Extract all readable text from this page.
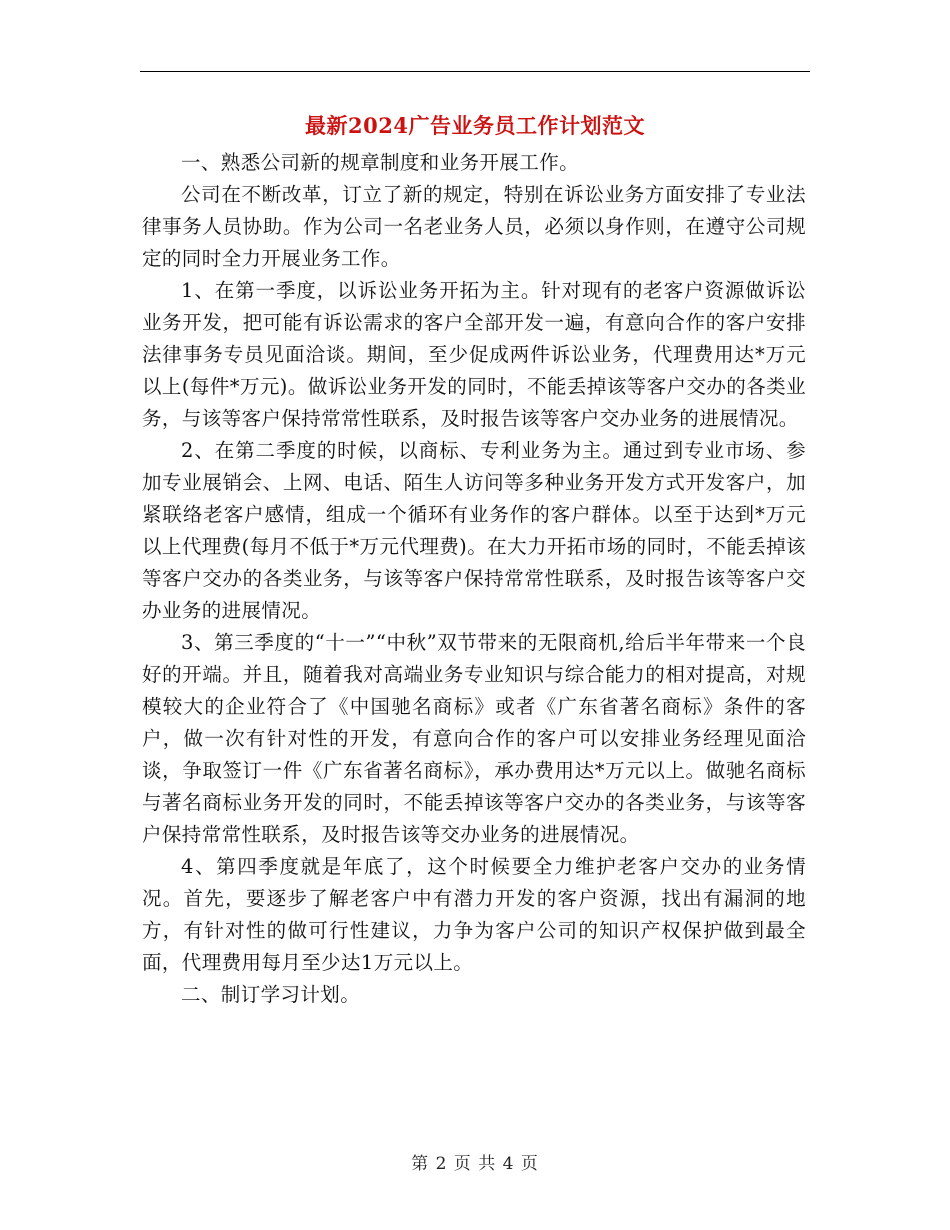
最新2024广告业务员工作计划范文

一、熟悉公司新的规章制度和业务开展工作。

公司在不断改革，订立了新的规定，特别在诉讼业务方面安排了专业法律事务人员协助。作为公司一名老业务人员，必须以身作则，在遵守公司规定的同时全力开展业务工作。

1、在第一季度，以诉讼业务开拓为主。针对现有的老客户资源做诉讼业务开发，把可能有诉讼需求的客户全部开发一遍，有意向合作的客户安排法律事务专员见面洽谈。期间，至少促成两件诉讼业务，代理费用达*万元以上(每件*万元)。做诉讼业务开发的同时，不能丢掉该等客户交办的各类业务，与该等客户保持常常性联系，及时报告该等客户交办业务的进展情况。

2、在第二季度的时候，以商标、专利业务为主。通过到专业市场、参加专业展销会、上网、电话、陌生人访问等多种业务开发方式开发客户，加紧联络老客户感情，组成一个循环有业务作的客户群体。以至于达到*万元以上代理费(每月不低于*万元代理费)。在大力开拓市场的同时，不能丢掉该等客户交办的各类业务，与该等客户保持常常性联系，及时报告该等客户交办业务的进展情况。

3、第三季度的“十一”“中秋”双节带来的无限商机,给后半年带来一个良好的开端。并且，随着我对高端业务专业知识与综合能力的相对提高，对规模较大的企业符合了《中国驰名商标》或者《广东省著名商标》条件的客户，做一次有针对性的开发，有意向合作的客户可以安排业务经理见面洽谈，争取签订一件《广东省著名商标》，承办费用达*万元以上。做驰名商标与著名商标业务开发的同时，不能丢掉该等客户交办的各类业务，与该等客户保持常常性联系，及时报告该等交办业务的进展情况。

4、第四季度就是年底了，这个时候要全力维护老客户交办的业务情况。首先，要逐步了解老客户中有潜力开发的客户资源，找出有漏洞的地方，有针对性的做可行性建议，力争为客户公司的知识产权保护做到最全面，代理费用每月至少达1万元以上。

二、制订学习计划。

第 2 页 共 4 页
